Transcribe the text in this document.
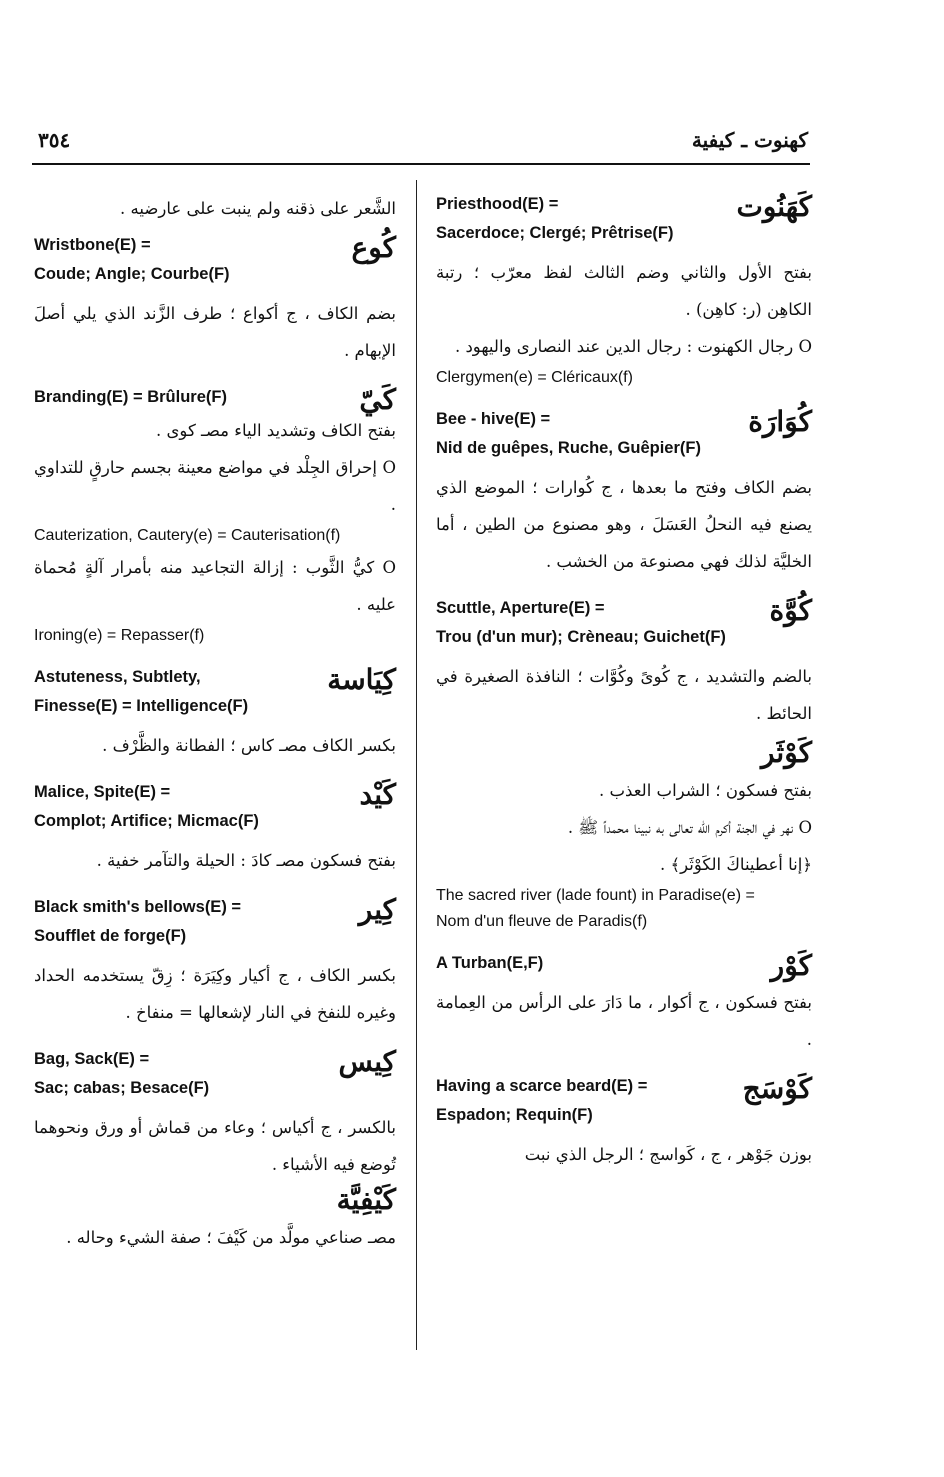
كهنوت ـ كيفية
٣٥٤
كَهَنُوت
Priesthood(E) =
Sacerdoce; Clergé; Prêtrise(F)
بفتح الأول والثاني وضم الثالث لفظ معرّب ؛ رتبة الكاهِن (ر: كاهِن) .
O رجال الكهنوت : رجال الدين عند النصارى واليهود .
Clergymen(e) = Cléricaux(f)
كُوَارَة
Bee - hive(E) =
Nid de guêpes, Ruche, Guêpier(F)
بضم الكاف وفتح ما بعدها ، ج كُوارات ؛ الموضع الذي يصنع فيه النحلُ العَسَلَ ، وهو مصنوع من الطين ، أما الخليَّة لذلك فهي مصنوعة من الخشب .
كُوَّة
Scuttle, Aperture(E) =
Trou (d'un mur); Crèneau; Guichet(F)
بالضم والتشديد ، ج كُوىً وكُوَّات ؛ النافذة الصغيرة في الحائط .
كَوْثَر
بفتح فسكون ؛ الشراب العذب .
O نهر في الجنة أكرم الله تعالى به نبينا محمداً ﷺ .
﴿إنا أعطيناكَ الكَوْثَر﴾ .
The sacred river (lade fount) in Paradise(e) =
Nom d'un fleuve de Paradis(f)
كَوْر
A Turban(E,F)
بفتح فسكون ، ج أكوار ، ما دَارَ على الرأس من العِمامة .
كَوْسَج
Having a scarce beard(E) =
Espadon; Requin(F)
بوزن جَوْهر ، ج ، كَواسج ؛ الرجل الذي نبت
الشَّعر على ذقنه ولم ينبت على عارضيه .
كُوع
Wristbone(E) =
Coude; Angle; Courbe(F)
بضم الكاف ، ج أكواع ؛ طرف الزَّند الذي يلي أصلَ الإبهام .
كَيّ
Branding(E) = Brûlure(F)
بفتح الكاف وتشديد الياء مصـ كوى .
O إحراق الجِلْد في مواضع معينة بجسم حارقٍ للتداوي .
Cauterization, Cautery(e) = Cauterisation(f)
O كيُّ الثَّوب : إزالة التجاعيد منه بأمرار آلةٍ مُحماة عليه .
Ironing(e) = Repasser(f)
كِيَاسة
Astuteness, Subtlety,
Finesse(E) = Intelligence(F)
بكسر الكاف مصـ كاس ؛ الفطانة والظَّرْف .
كَيْد
Malice, Spite(E) =
Complot; Artifice; Micmac(F)
بفتح فسكون مصـ كادَ : الحيلة والتآمر خفية .
كِير
Black smith's bellows(E) =
Soufflet de forge(F)
بكسر الكاف ، ج أكيار وكِيَرَة ؛ زِقّ يستخدمه الحداد وغيره للنفخ في النار لإشعالها = منفاخ .
كِيس
Bag, Sack(E) =
Sac; cabas; Besace(F)
بالكسر ، ج أكياس ؛ وعاء من قماش أو ورق ونحوهما تُوضع فيه الأشياء .
كَيْفِيَّة
مصـ صناعي مولَّد من كَيْفَ ؛ صفة الشيء وحاله .
